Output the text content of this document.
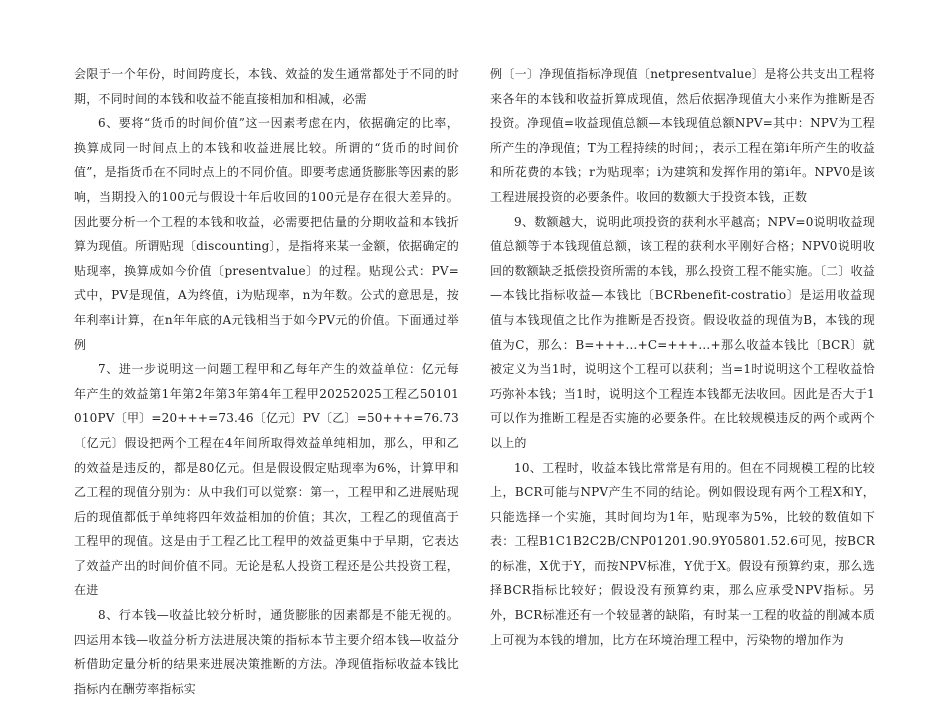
会限于一个年份，时间跨度长，本钱、效益的发生通常都处于不同的时期，不同时间的本钱和收益不能直接相加和相减，必需

6、要将“货币的时间价值”这一因素考虑在内，依据确定的比率，换算成同一时间点上的本钱和收益进展比较。所谓的“货币的时间价值”，是指货币在不同时点上的不同价值。即要考虑通货膨胀等因素的影响，当期投入的100元与假设十年后收回的100元是存在很大差异的。因此要分析一个工程的本钱和收益，必需要把估量的分期收益和本钱折算为现值。所谓贴现〔discounting〕，是指将来某一金额，依据确定的贴现率，换算成如今价值〔presentvalue〕的过程。贴现公式：PV=式中，PV是现值，A为终值，i为贴现率，n为年数。公式的意思是，按年利率i计算，在n年年底的A元钱相当于如今PV元的价值。下面通过举例

7、进一步说明这一问题工程甲和乙每年产生的效益单位：亿元每年产生的效益第1年第2年第3年第4年工程甲20252025工程乙50101010PV〔甲〕=20+++=73.46〔亿元〕PV〔乙〕=50+++=76.73〔亿元〕假设把两个工程在4年间所取得效益单纯相加，那么，甲和乙的效益是违反的，都是80亿元。但是假设假定贴现率为6%，计算甲和乙工程的现值分别为：从中我们可以觉察：第一，工程甲和乙进展贴现后的现值都低于单纯将四年效益相加的价值；其次，工程乙的现值高于工程甲的现值。这是由于工程乙比工程甲的效益更集中于早期，它表达了效益产出的时间价值不同。无论是私人投资工程还是公共投资工程，在进

8、行本钱—收益比较分析时，通货膨胀的因素都是不能无视的。四运用本钱—收益分析方法进展决策的指标本节主要介绍本钱—收益分析借助定量分析的结果来进展决策推断的方法。净现值指标收益本钱比指标内在酬劳率指标实

例〔一〕净现值指标净现值〔netpresentvalue〕是将公共支出工程将来各年的本钱和收益折算成现值，然后依据净现值大小来作为推断是否投资。净现值=收益现值总额—本钱现值总额NPV=其中：NPV为工程所产生的净现值；T为工程持续的时间；，表示工程在第i年所产生的收益和所花费的本钱；r为贴现率；i为建筑和发挥作用的第i年。NPV0是该工程进展投资的必要条件。收回的数额大于投资本钱，正数

9、数额越大，说明此项投资的获利水平越高；NPV=0说明收益现值总额等于本钱现值总额，该工程的获利水平刚好合格；NPV0说明收回的数额缺乏抵偿投资所需的本钱，那么投资工程不能实施。〔二〕收益—本钱比指标收益—本钱比〔BCRbenefit-costratio〕是运用收益现值与本钱现值之比作为推断是否投资。假设收益的现值为B，本钱的现值为C，那么：B=+++…+C=+++…+那么收益本钱比〔BCR〕就被定义为当1时，说明这个工程可以获利；当=1时说明这个工程收益恰巧弥补本钱；当1时，说明这个工程连本钱都无法收回。因此是否大于1可以作为推断工程是否实施的必要条件。在比较规模违反的两个或两个以上的

10、工程时，收益本钱比常常是有用的。但在不同规模工程的比较上，BCR可能与NPV产生不同的结论。例如假设现有两个工程X和Y，只能选择一个实施，其时间均为1年，贴现率为5%，比较的数值如下表：工程B1C1B2C2B/CNP01201.90.9Y05801.52.6可见，按BCR的标准，X优于Y，而按NPV标准，Y优于X。假设有预算约束，那么选择BCR指标比较好；假设没有预算约束，那么应承受NPV指标。另外，BCR标准还有一个较显著的缺陷，有时某一工程的收益的削减本质上可视为本钱的增加，比方在环境治理工程中，污染物的增加作为
